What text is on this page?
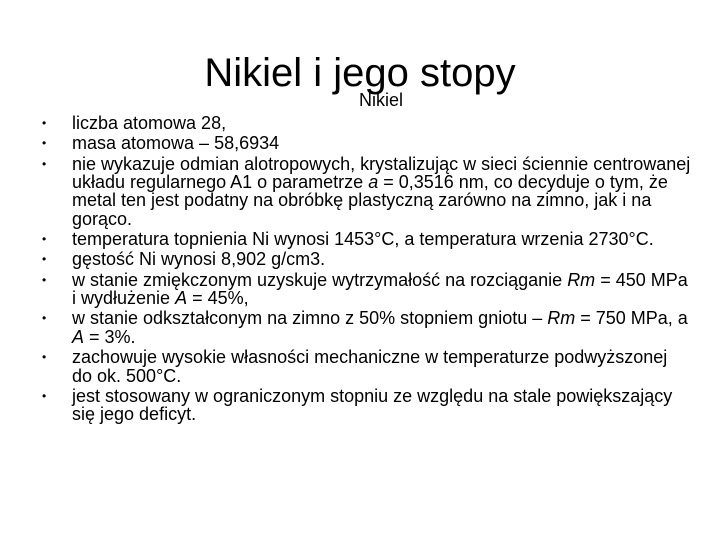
Nikiel i jego stopy
Nikiel
•	liczba atomowa 28,
•	masa atomowa – 58,6934
•	nie wykazuje odmian alotropowych, krystalizując w sieci ściennie centrowanej układu regularnego A1 o parametrze a = 0,3516 nm, co decyduje o tym, że metal ten jest podatny na obróbkę plastyczną zarówno na zimno, jak i na gorąco.
•	temperatura topnienia Ni wynosi 1453°C, a temperatura wrzenia 2730°C.
•	gęstość Ni wynosi 8,902 g/cm3.
•	w stanie zmiękczonym uzyskuje wytrzymałość na rozciąganie Rm = 450 MPa i wydłużenie A = 45%,
•	w stanie odkształconym na zimno z 50% stopniem gniotu – Rm = 750 MPa, a A = 3%.
•	zachowuje wysokie własności mechaniczne w temperaturze podwyższonej do ok. 500°C.
•	jest stosowany w ograniczonym stopniu ze względu na stale powiększający się jego deficyt.
